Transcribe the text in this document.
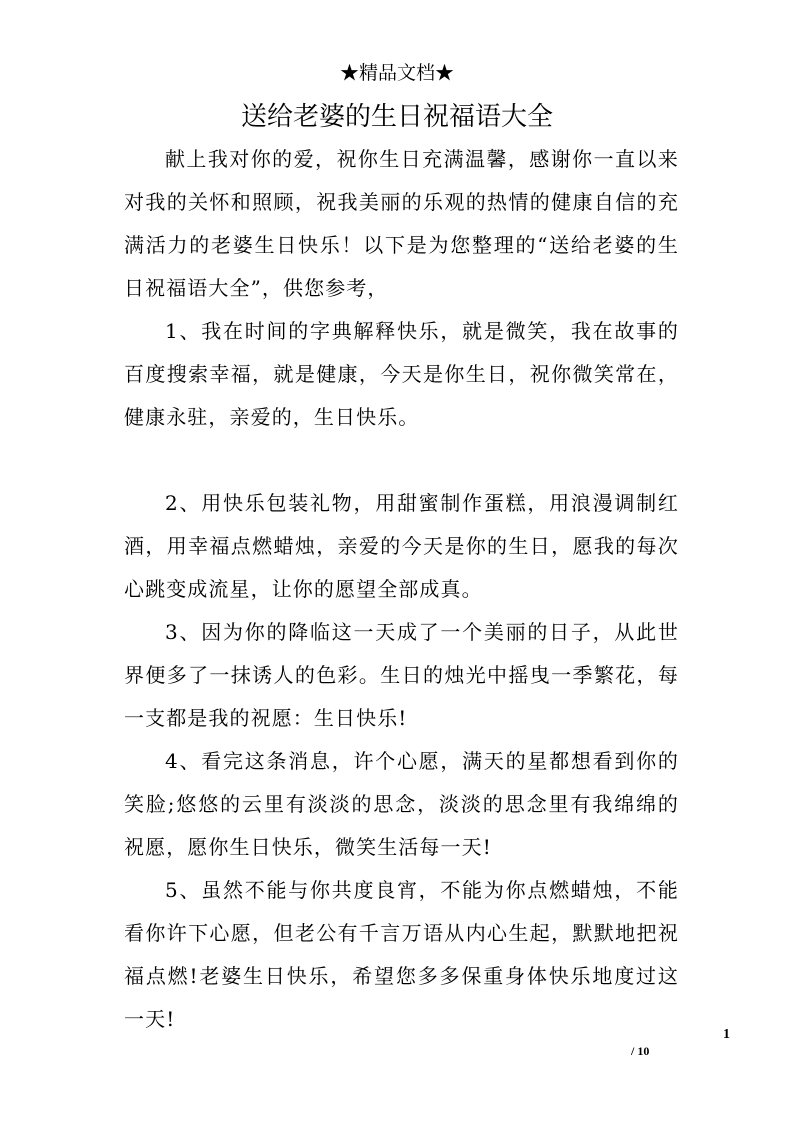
★精品文档★
送给老婆的生日祝福语大全

献上我对你的爱，祝你生日充满温馨，感谢你一直以来对我的关怀和照顾，祝我美丽的乐观的热情的健康自信的充满活力的老婆生日快乐！以下是为您整理的“送给老婆的生日祝福语大全”，供您参考，

1、我在时间的字典解释快乐，就是微笑，我在故事的百度搜索幸福，就是健康，今天是你生日，祝你微笑常在，健康永驻，亲爱的，生日快乐。

2、用快乐包装礼物，用甜蜜制作蛋糕，用浪漫调制红酒，用幸福点燃蜡烛，亲爱的今天是你的生日，愿我的每次心跳变成流星，让你的愿望全部成真。

3、因为你的降临这一天成了一个美丽的日子，从此世界便多了一抹诱人的色彩。生日的烛光中摇曳一季繁花，每一支都是我的祝愿：生日快乐!

4、看完这条消息，许个心愿，满天的星都想看到你的笑脸;悠悠的云里有淡淡的思念，淡淡的思念里有我绵绵的祝愿，愿你生日快乐，微笑生活每一天!

5、虽然不能与你共度良宵，不能为你点燃蜡烛，不能看你许下心愿，但老公有千言万语从内心生起，默默地把祝福点燃!老婆生日快乐，希望您多多保重身体快乐地度过这一天!

1
/ 10
